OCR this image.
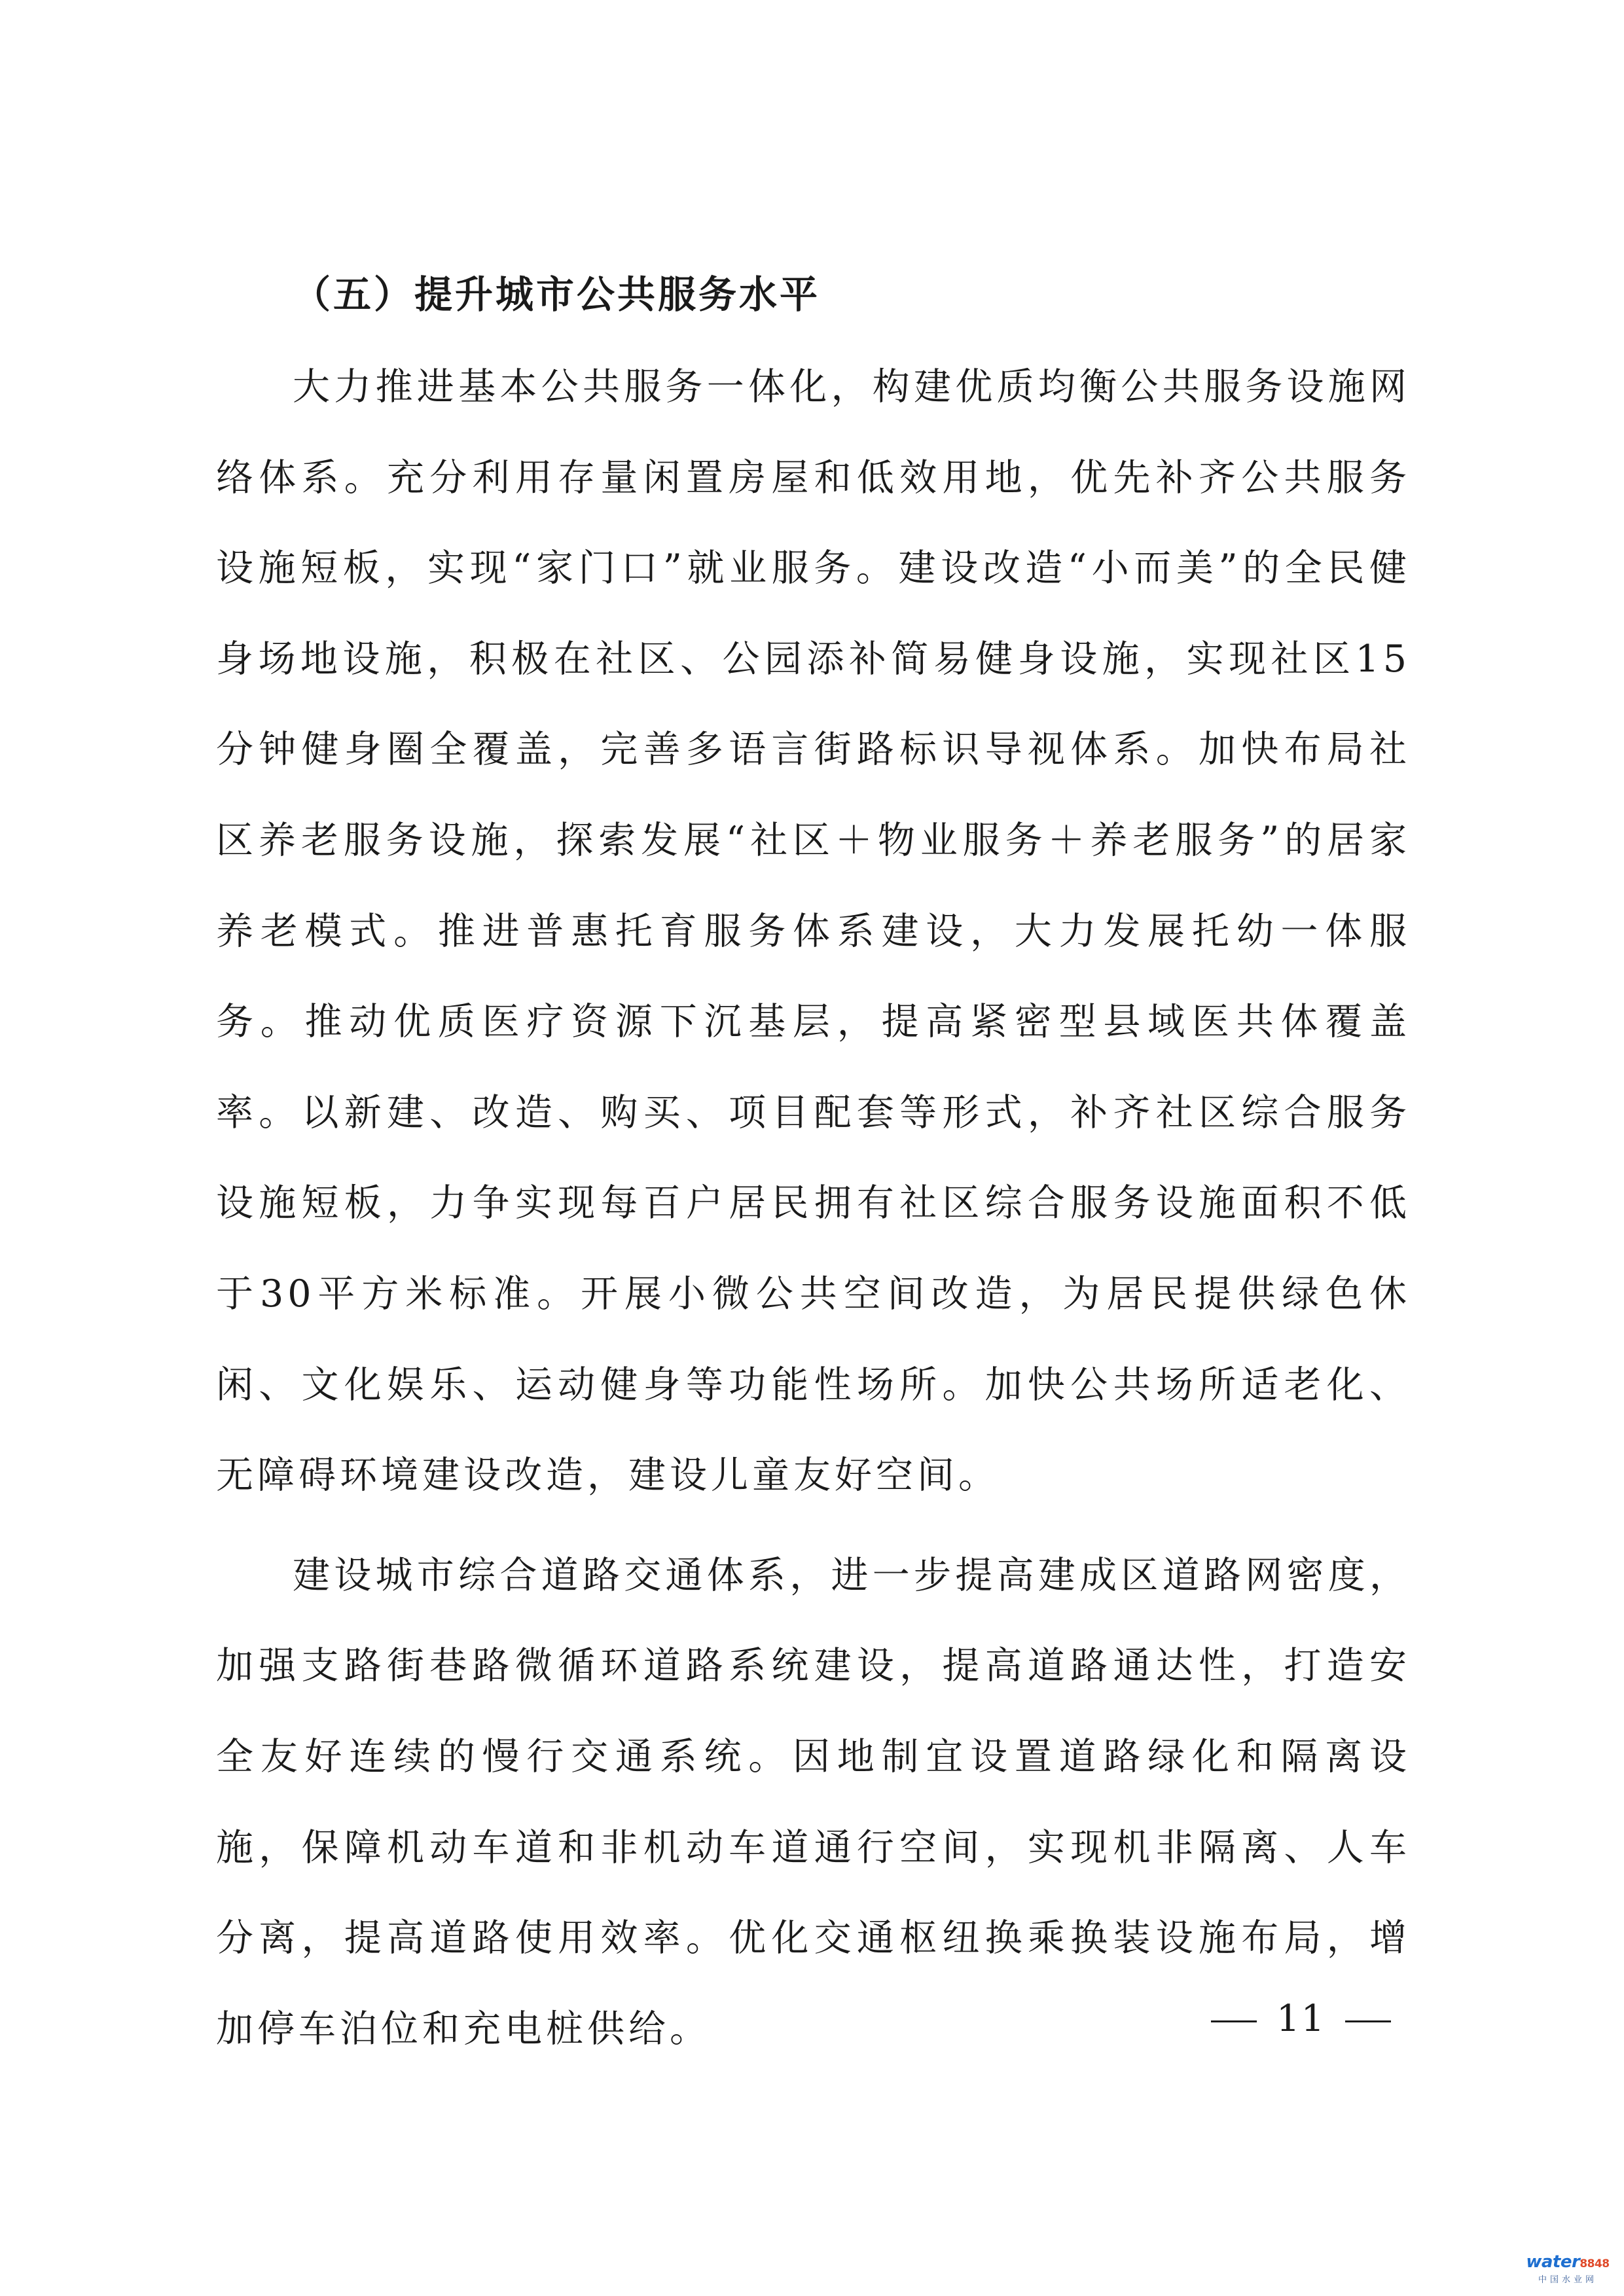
（五）提升城市公共服务水平

大力推进基本公共服务一体化，构建优质均衡公共服务设施网络体系。充分利用存量闲置房屋和低效用地，优先补齐公共服务设施短板，实现“家门口”就业服务。建设改造“小而美”的全民健身场地设施，积极在社区、公园添补简易健身设施，实现社区15分钟健身圈全覆盖，完善多语言街路标识导视体系。加快布局社区养老服务设施，探索发展“社区＋物业服务＋养老服务”的居家养老模式。推进普惠托育服务体系建设，大力发展托幼一体服务。推动优质医疗资源下沉基层，提高紧密型县域医共体覆盖率。以新建、改造、购买、项目配套等形式，补齐社区综合服务设施短板，力争实现每百户居民拥有社区综合服务设施面积不低于30平方米标准。开展小微公共空间改造，为居民提供绿色休闲、文化娱乐、运动健身等功能性场所。加快公共场所适老化、无障碍环境建设改造，建设儿童友好空间。

建设城市综合道路交通体系，进一步提高建成区道路网密度，加强支路街巷路微循环道路系统建设，提高道路通达性，打造安全友好连续的慢行交通系统。因地制宜设置道路绿化和隔离设施，保障机动车道和非机动车道通行空间，实现机非隔离、人车分离，提高道路使用效率。优化交通枢纽换乘换装设施布局，增加停车泊位和充电桩供给。	11
water8848
中国水业网
